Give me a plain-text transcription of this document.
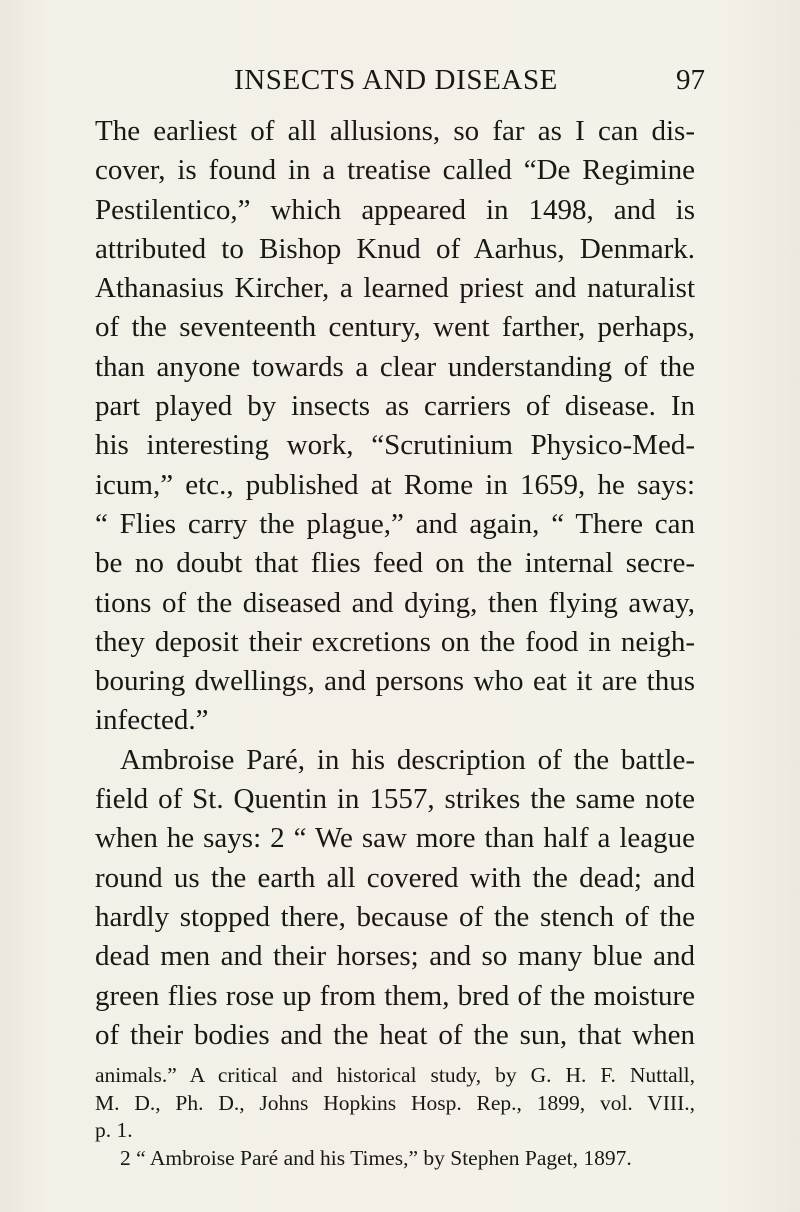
INSECTS AND DISEASE	97
The earliest of all allusions, so far as I can dis-
cover, is found in a treatise called “De Regimine
Pestilentico,” which appeared in 1498, and is
attributed to Bishop Knud of Aarhus, Denmark.
Athanasius Kircher, a learned priest and naturalist
of the seventeenth century, went farther, perhaps,
than anyone towards a clear understanding of the
part played by insects as carriers of disease. In
his interesting work, “Scrutinium Physico-Med-
icum,” etc., published at Rome in 1659, he says:
“ Flies carry the plague,” and again, “ There can
be no doubt that flies feed on the internal secre-
tions of the diseased and dying, then flying away,
they deposit their excretions on the food in neigh-
bouring dwellings, and persons who eat it are thus
infected.”
Ambroise Paré, in his description of the battle-
field of St. Quentin in 1557, strikes the same note
when he says: 2 “ We saw more than half a league
round us the earth all covered with the dead; and
hardly stopped there, because of the stench of the
dead men and their horses; and so many blue and
green flies rose up from them, bred of the moisture
of their bodies and the heat of the sun, that when
animals.” A critical and historical study, by G. H. F. Nuttall,
M. D., Ph. D., Johns Hopkins Hosp. Rep., 1899, vol. VIII.,
p. 1.
2 “ Ambroise Paré and his Times,” by Stephen Paget, 1897.
